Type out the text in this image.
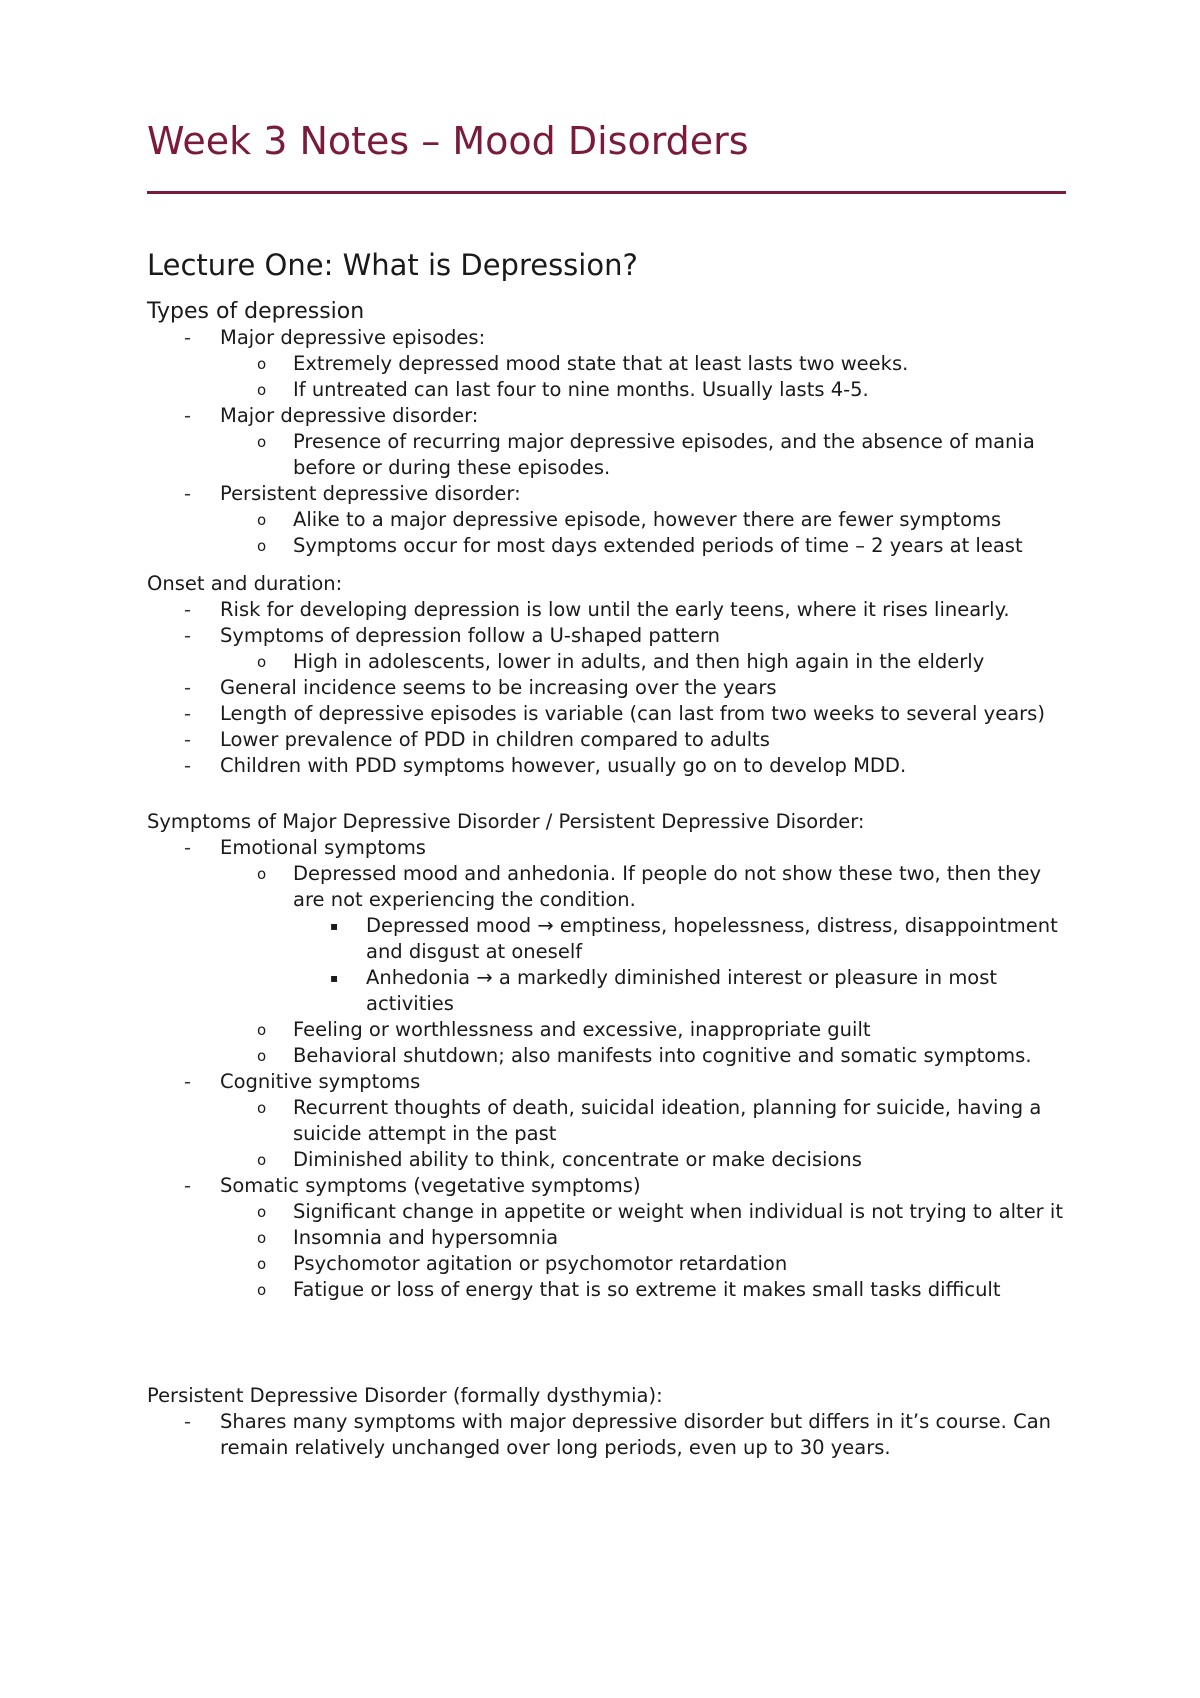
Week 3 Notes – Mood Disorders
Lecture One: What is Depression?
Types of depression
-	Major depressive episodes:
o	Extremely depressed mood state that at least lasts two weeks.
o	If untreated can last four to nine months. Usually lasts 4-5.
-	Major depressive disorder:
o	Presence of recurring major depressive episodes, and the absence of mania before or during these episodes.
-	Persistent depressive disorder:
o	Alike to a major depressive episode, however there are fewer symptoms
o	Symptoms occur for most days extended periods of time – 2 years at least
Onset and duration:
-	Risk for developing depression is low until the early teens, where it rises linearly.
-	Symptoms of depression follow a U-shaped pattern
o	High in adolescents, lower in adults, and then high again in the elderly
-	General incidence seems to be increasing over the years
-	Length of depressive episodes is variable (can last from two weeks to several years)
-	Lower prevalence of PDD in children compared to adults
-	Children with PDD symptoms however, usually go on to develop MDD.
Symptoms of Major Depressive Disorder / Persistent Depressive Disorder:
-	Emotional symptoms
o	Depressed mood and anhedonia. If people do not show these two, then they are not experiencing the condition.
▪	Depressed mood → emptiness, hopelessness, distress, disappointment and disgust at oneself
▪	Anhedonia → a markedly diminished interest or pleasure in most activities
o	Feeling or worthlessness and excessive, inappropriate guilt
o	Behavioral shutdown; also manifests into cognitive and somatic symptoms.
-	Cognitive symptoms
o	Recurrent thoughts of death, suicidal ideation, planning for suicide, having a suicide attempt in the past
o	Diminished ability to think, concentrate or make decisions
-	Somatic symptoms (vegetative symptoms)
o	Significant change in appetite or weight when individual is not trying to alter it
o	Insomnia and hypersomnia
o	Psychomotor agitation or psychomotor retardation
o	Fatigue or loss of energy that is so extreme it makes small tasks difficult
Persistent Depressive Disorder (formally dysthymia):
-	Shares many symptoms with major depressive disorder but differs in it’s course. Can remain relatively unchanged over long periods, even up to 30 years.
